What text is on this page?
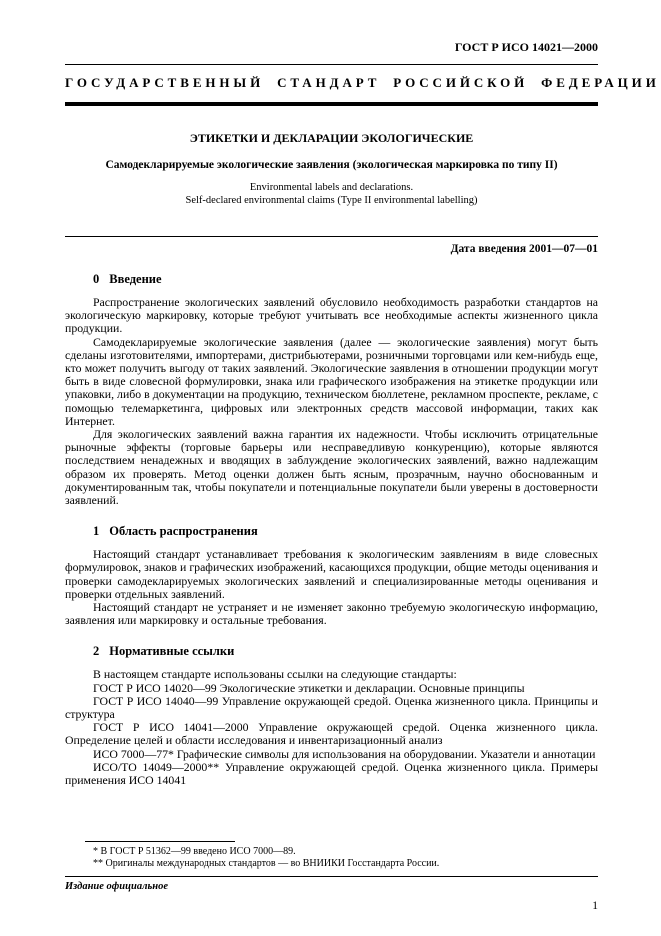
ГОСТ Р ИСО 14021—2000
ГОСУДАРСТВЕННЫЙ СТАНДАРТ РОССИЙСКОЙ ФЕДЕРАЦИИ
ЭТИКЕТКИ И ДЕКЛАРАЦИИ ЭКОЛОГИЧЕСКИЕ
Самодекларируемые экологические заявления (экологическая маркировка по типу II)
Environmental labels and declarations.
Self-declared environmental claims (Type II environmental labelling)
Дата введения 2001—07—01
0 Введение

Распространение экологических заявлений обусловило необходимость разработки стандартов на экологическую маркировку, которые требуют учитывать все необходимые аспекты жизненного цикла продукции.

Самодекларируемые экологические заявления (далее — экологические заявления) могут быть сделаны изготовителями, импортерами, дистрибьютерами, розничными торговцами или кем-нибудь еще, кто может получить выгоду от таких заявлений. Экологические заявления в отношении продукции могут быть в виде словесной формулировки, знака или графического изображения на этикетке продукции или упаковки, либо в документации на продукцию, техническом бюллетене, рекламном проспекте, рекламе, с помощью телемаркетинга, цифровых или электронных средств массовой информации, таких как Интернет.

Для экологических заявлений важна гарантия их надежности. Чтобы исключить отрицательные рыночные эффекты (торговые барьеры или несправедливую конкуренцию), которые являются последствием ненадежных и вводящих в заблуждение экологических заявлений, важно надлежащим образом их проверять. Метод оценки должен быть ясным, прозрачным, научно обоснованным и документированным так, чтобы покупатели и потенциальные покупатели были уверены в достоверности заявлений.

1 Область распространения

Настоящий стандарт устанавливает требования к экологическим заявлениям в виде словесных формулировок, знаков и графических изображений, касающихся продукции, общие методы оценивания и проверки самодекларируемых экологических заявлений и специализированные методы оценивания и проверки отдельных заявлений.

Настоящий стандарт не устраняет и не изменяет законно требуемую экологическую информацию, заявления или маркировку и остальные требования.

2 Нормативные ссылки

В настоящем стандарте использованы ссылки на следующие стандарты:

ГОСТ Р ИСО 14020—99 Экологические этикетки и декларации. Основные принципы

ГОСТ Р ИСО 14040—99 Управление окружающей средой. Оценка жизненного цикла. Принципы и структура

ГОСТ Р ИСО 14041—2000 Управление окружающей средой. Оценка жизненного цикла. Определение целей и области исследования и инвентаризационный анализ

ИСО 7000—77* Графические символы для использования на оборудовании. Указатели и аннотации

ИСО/ТО 14049—2000** Управление окружающей средой. Оценка жизненного цикла. Примеры применения ИСО 14041

* В ГОСТ Р 51362—99 введено ИСО 7000—89.

** Оригиналы международных стандартов — во ВНИИКИ Госстандарта России.

Издание официальное
1
